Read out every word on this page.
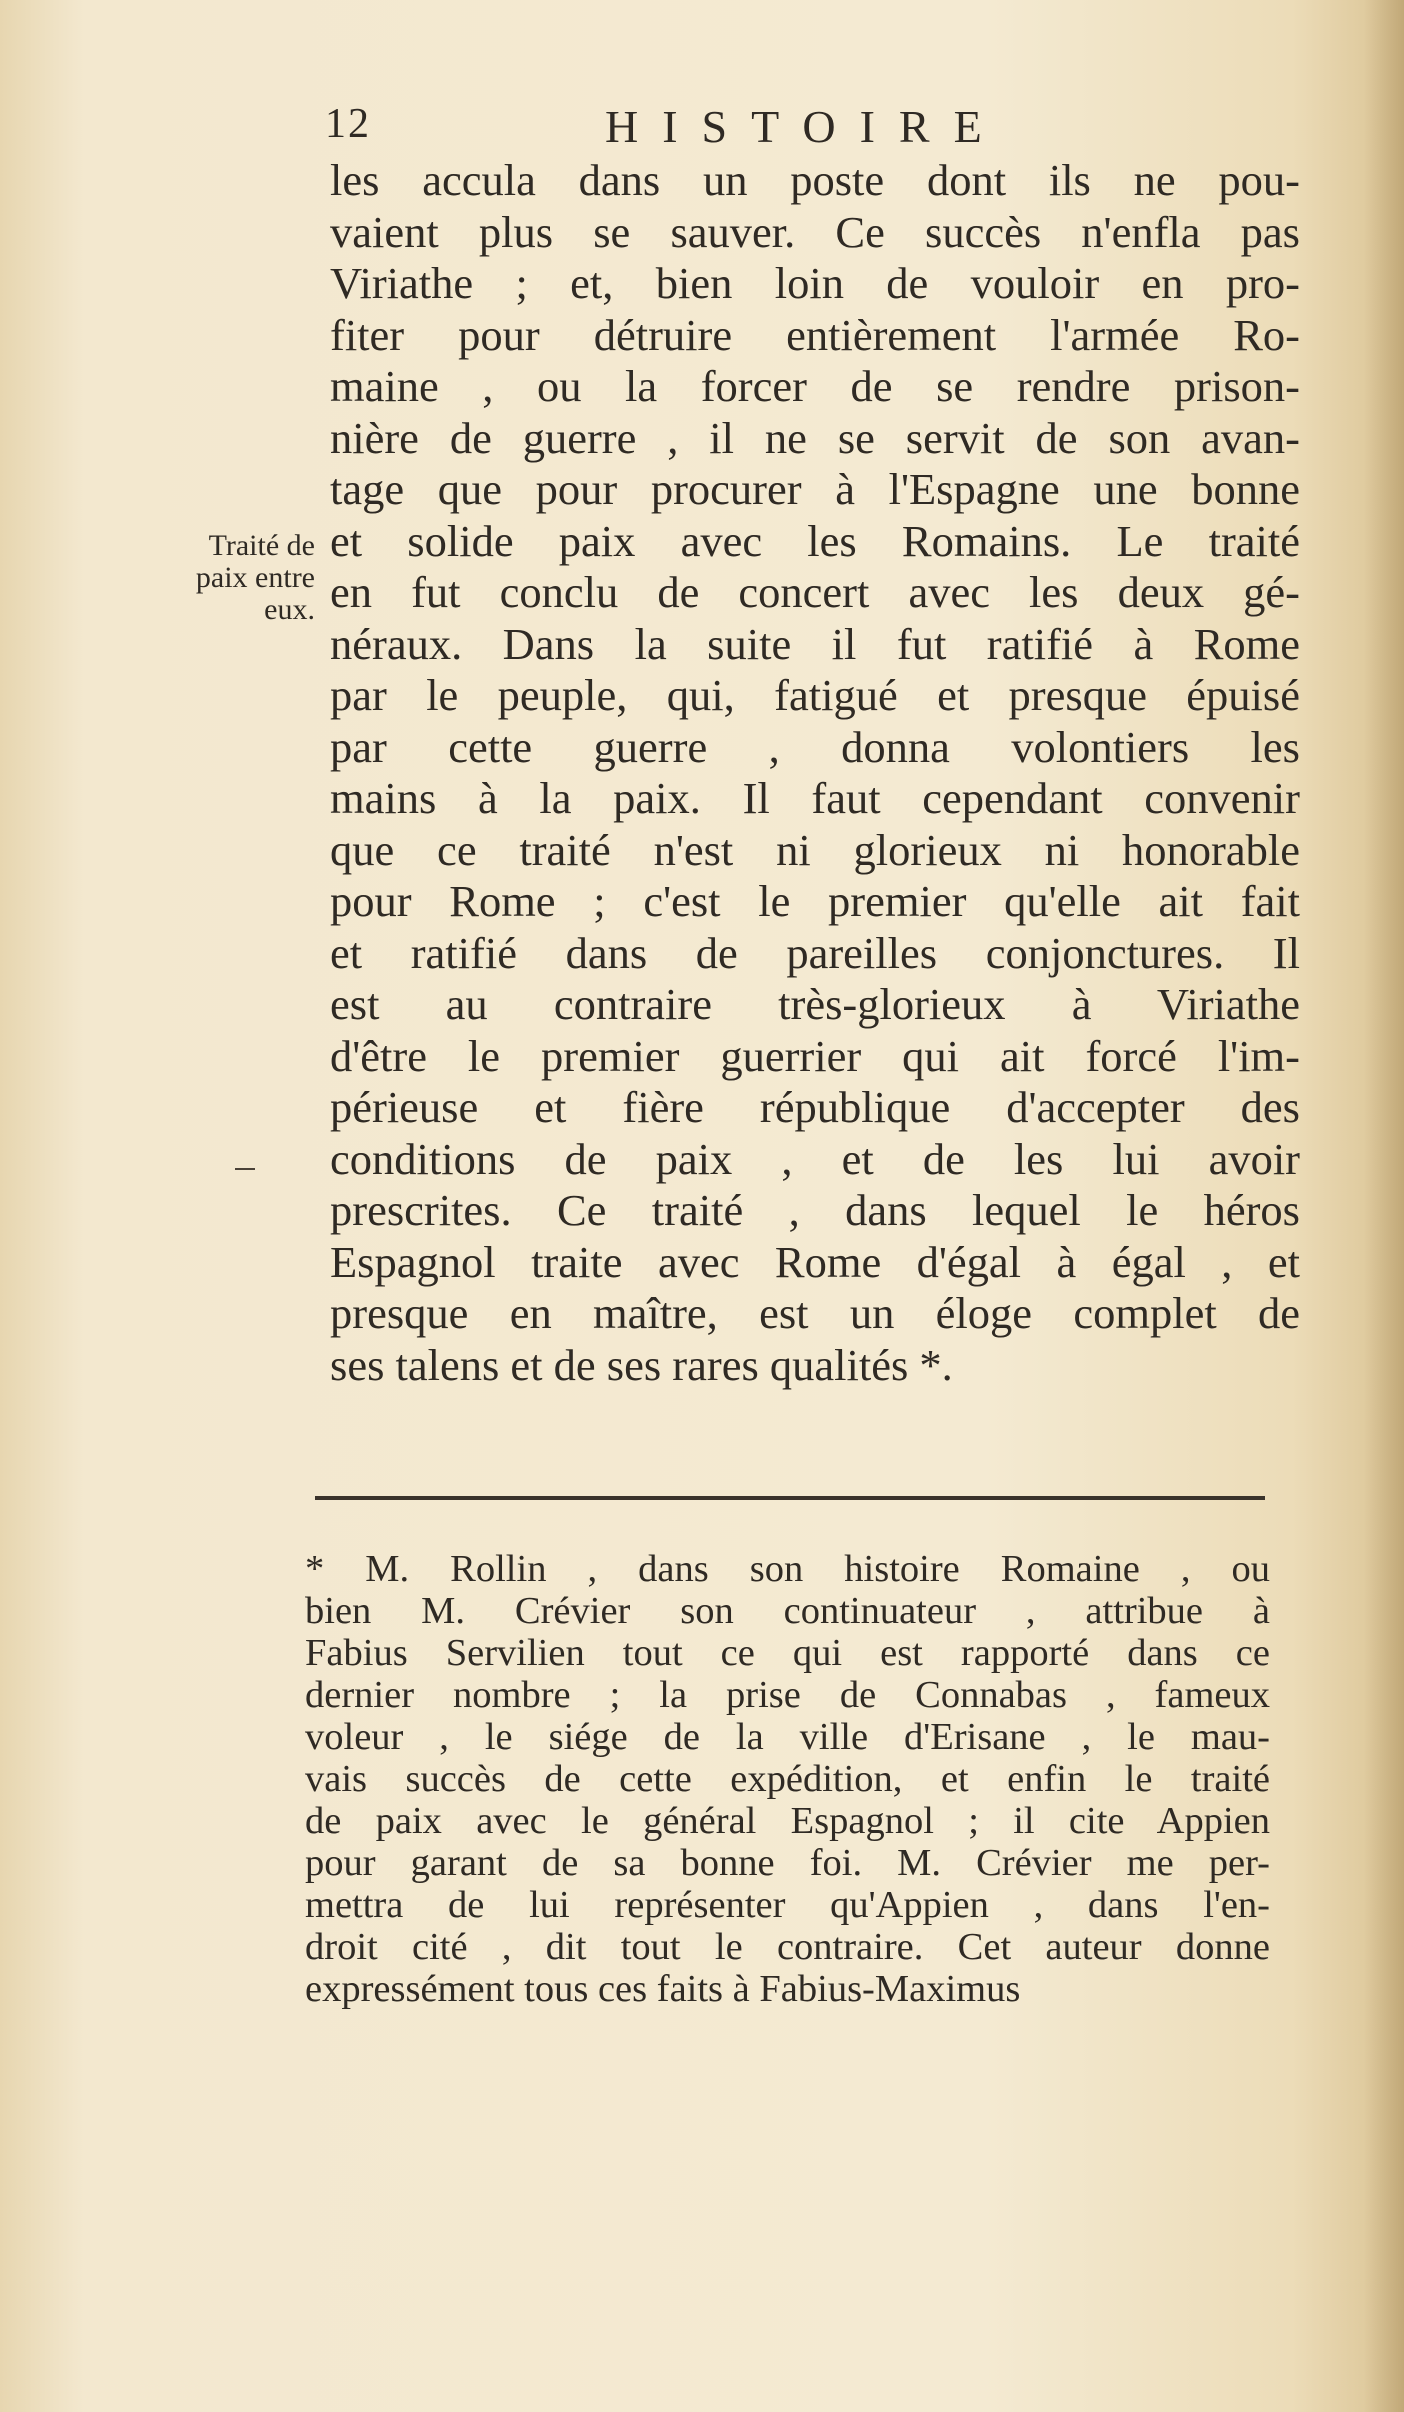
12	HISTOIRE
Traité de
paix entre
eux.
les accula dans un poste dont ils ne pou-
vaient plus se sauver. Ce succès n'enfla pas
Viriathe ; et, bien loin de vouloir en pro-
fiter pour détruire entièrement l'armée Ro-
maine , ou la forcer de se rendre prison-
nière de guerre , il ne se servit de son avan-
tage que pour procurer à l'Espagne une bonne
et solide paix avec les Romains. Le traité
en fut conclu de concert avec les deux gé-
néraux. Dans la suite il fut ratifié à Rome
par le peuple, qui, fatigué et presque épuisé
par cette guerre , donna volontiers les
mains à la paix. Il faut cependant convenir
que ce traité n'est ni glorieux ni honorable
pour Rome ; c'est le premier qu'elle ait fait
et ratifié dans de pareilles conjonctures. Il
est au contraire très-glorieux à Viriathe
d'être le premier guerrier qui ait forcé l'im-
périeuse et fière république d'accepter des
conditions de paix , et de les lui avoir
prescrites. Ce traité , dans lequel le héros
Espagnol traite avec Rome d'égal à égal , et
presque en maître, est un éloge complet de
ses talens et de ses rares qualités *.
* M. Rollin , dans son histoire Romaine , ou
bien M. Crévier son continuateur , attribue à
Fabius Servilien tout ce qui est rapporté dans ce
dernier nombre ; la prise de Connabas , fameux
voleur , le siége de la ville d'Erisane , le mau-
vais succès de cette expédition, et enfin le traité
de paix avec le général Espagnol ; il cite Appien
pour garant de sa bonne foi. M. Crévier me per-
mettra de lui représenter qu'Appien , dans l'en-
droit cité , dit tout le contraire. Cet auteur donne
expressément tous ces faits à Fabius-Maximus
